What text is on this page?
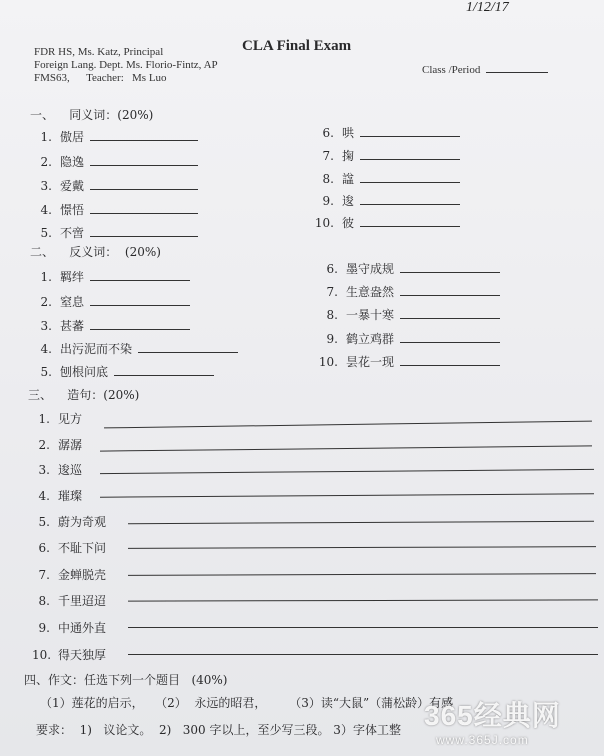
1/12/17
FDR HS, Ms. Katz, Principal
Foreign Lang. Dept. Ms. Florio-Fintz, AP
FMS63,      Teacher:   Ms Luo
CLA Final Exam
Class /Period
一、    同义词：(20%)
1. 傲居
2. 隐逸
3. 爱戴
4. 憬悟
5. 不啻
6. 哄
7. 掬
8. 諡
9. 逡
10. 彼
二、    反义词：  (20%)
1. 羁绊
2. 窒息
3. 甚蕃
4. 出污泥而不染
5. 刨根问底
6. 墨守成规
7. 生意盎然
8. 一暴十寒
9. 鹤立鸡群
10. 昙花一现
三、    造句：(20%)
1. 见方
2. 潺潺
3. 逡巡
4. 璀璨
5. 蔚为奇观
6. 不耻下问
7. 金蝉脱壳
8. 千里迢迢
9. 中通外直
10. 得天独厚
四、作文：任选下列一个题目   (40%)
（1）莲花的启示，   （2）  永远的昭君，      （3）读“大鼠”（蒲松龄）有感
要求：  1)   议论文。  2)   300 字以上，至少写三段。 3）字体工整 365经典网
www.365J.com
